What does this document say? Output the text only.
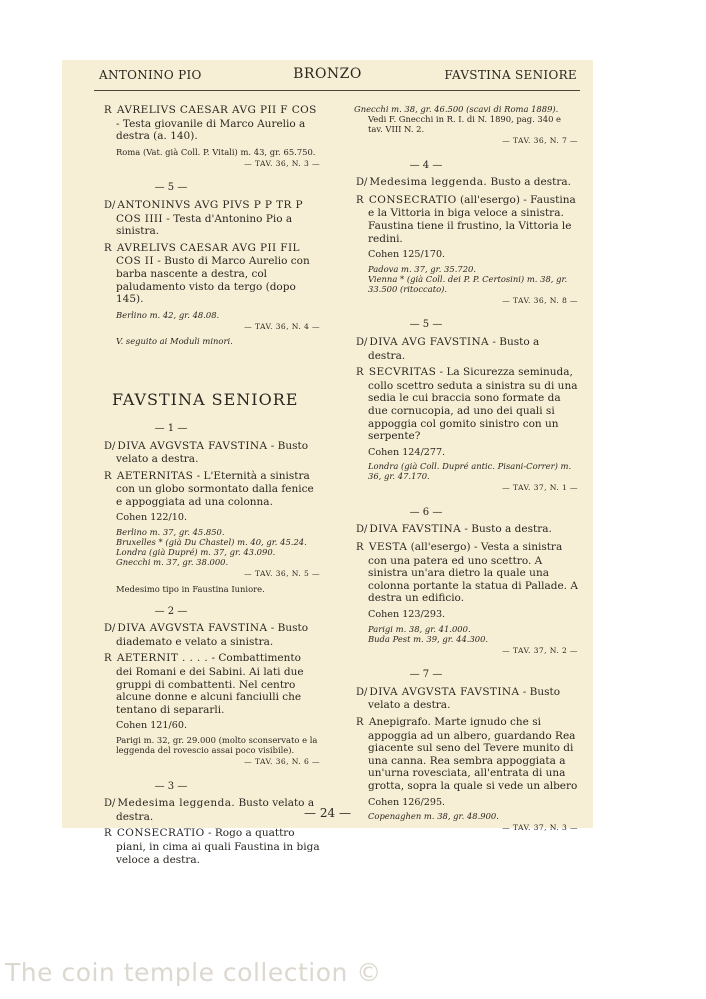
ANTONINO PIO	BRONZO	FAVSTINA SENIORE

R AVRELIVS CAESAR AVG PII F COS - Testa giovanile di Marco Aurelio a destra (a. 140).

Roma (Vat. già Coll. P. Vitali) m. 43, gr. 65.750.

— TAV. 36, N. 3 —

— 5 —

D/ ANTONINVS AVG PIVS P P TR P COS IIII - Testa d'Antonino Pio a sinistra.

R AVRELIVS CAESAR AVG PII FIL COS II - Busto di Marco Aurelio con barba nascente a destra, col paludamento visto da tergo (dopo 145).

Berlino m. 42, gr. 48.08.

— TAV. 36, N. 4 —

V. seguito ai Moduli minori.

FAVSTINA SENIORE

— 1 —

D/ DIVA AVGVSTA FAVSTINA - Busto velato a destra.

R AETERNITAS - L'Eternità a sinistra con un globo sormontato dalla fenice e appoggiata ad una colonna.

Cohen 122/10.

Berlino m. 37, gr. 45.850.

Bruxelles * (già Du Chastel) m. 40, gr. 45.24.

Londra (già Dupré) m. 37, gr. 43.090.

Gnecchi m. 37, gr. 38.000.

— TAV. 36, N. 5 —

Medesimo tipo in Faustina Iuniore.

— 2 —

D/ DIVA AVGVSTA FAVSTINA - Busto diademato e velato a sinistra.

R AETERNIT . . . . - Combattimento dei Romani e dei Sabini. Ai lati due gruppi di combattenti. Nel centro alcune donne e alcuni fanciulli che tentano di separarli.

Cohen 121/60.

Parigi m. 32, gr. 29.000 (molto sconservato e la leggenda del rovescio assai poco visibile).

— TAV. 36, N. 6 —

— 3 —

D/ Medesima leggenda. Busto velato a destra.

R CONSECRATIO - Rogo a quattro piani, in cima ai quali Faustina in biga veloce a destra.

Gnecchi m. 38, gr. 46.500 (scavi di Roma 1889).

Vedi F. Gnecchi in R. I. di N. 1890, pag. 340 e tav. VIII N. 2.

— TAV. 36, N. 7 —

— 4 —

D/ Medesima leggenda. Busto a destra.

R CONSECRATIO (all'esergo) - Faustina e la Vittoria in biga veloce a sinistra. Faustina tiene il frustino, la Vittoria le redini.

Cohen 125/170.

Padova m. 37, gr. 35.720.

Vienna * (già Coll. dei P. P. Certosini) m. 38, gr. 33.500 (ritoccato).

— TAV. 36, N. 8 —

— 5 —

D/ DIVA AVG FAVSTINA - Busto a destra.

R SECVRITAS - La Sicurezza seminuda, collo scettro seduta a sinistra su di una sedia le cui braccia sono formate da due cornucopia, ad uno dei quali si appoggia col gomito sinistro con un serpente?

Cohen 124/277.

Londra (già Coll. Dupré antic. Pisani-Correr) m. 36, gr. 47.170.

— TAV. 37, N. 1 —

— 6 —

D/ DIVA FAVSTINA - Busto a destra.

R VESTA (all'esergo) - Vesta a sinistra con una patera ed uno scettro. A sinistra un'ara dietro la quale una colonna portante la statua di Pallade. A destra un edificio.

Cohen 123/293.

Parigi m. 38, gr. 41.000.

Buda Pest m. 39, gr. 44.300.

— TAV. 37, N. 2 —

— 7 —

D/ DIVA AVGVSTA FAVSTINA - Busto velato a destra.

R Anepigrafo. Marte ignudo che si appoggia ad un albero, guardando Rea giacente sul seno del Tevere munito di una canna. Rea sembra appoggiata a un'urna rovesciata, all'entrata di una grotta, sopra la quale si vede un albero

Cohen 126/295.

Copenaghen m. 38, gr. 48.900.

— TAV. 37, N. 3 —

— 24 —
The coin temple collection ©
